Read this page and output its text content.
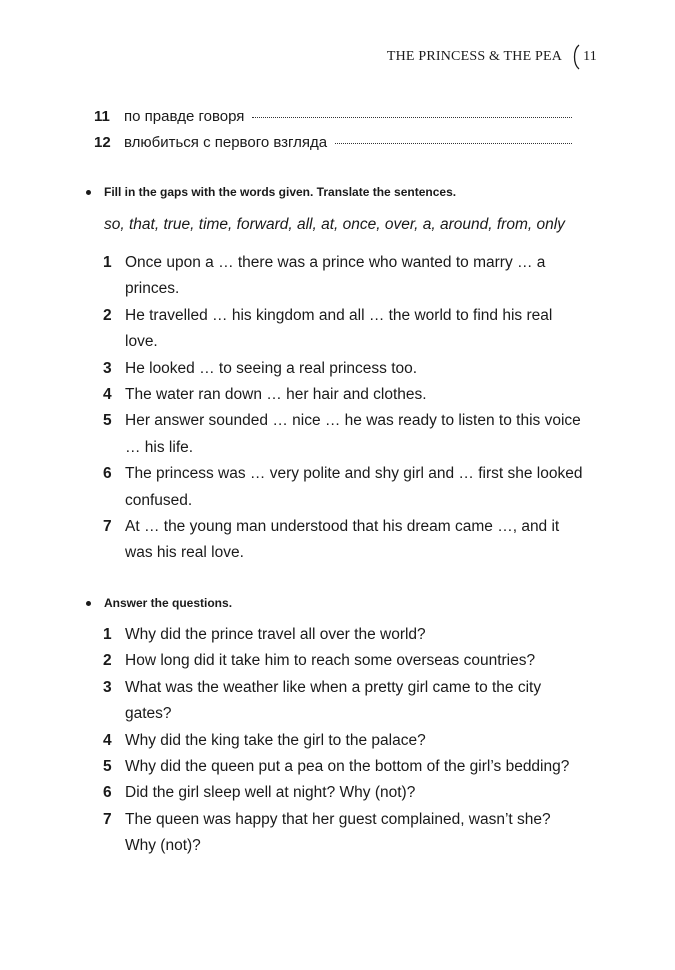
THE PRINCESS & THE PEA 11
11 по правде говоря
12 влюбиться с первого взгляда
Fill in the gaps with the words given. Translate the sentences.
so, that, true, time, forward, all, at, once, over, a, around, from, only
1 Once upon a … there was a prince who wanted to marry … a princes.
2 He travelled … his kingdom and all … the world to find his real love.
3 He looked … to seeing a real princess too.
4 The water ran down … her hair and clothes.
5 Her answer sounded … nice … he was ready to listen to this voice … his life.
6 The princess was … very polite and shy girl and … first she looked confused.
7 At … the young man understood that his dream came …, and it was his real love.
Answer the questions.
1 Why did the prince travel all over the world?
2 How long did it take him to reach some overseas countries?
3 What was the weather like when a pretty girl came to the city gates?
4 Why did the king take the girl to the palace?
5 Why did the queen put a pea on the bottom of the girl’s bedding?
6 Did the girl sleep well at night? Why (not)?
7 The queen was happy that her guest complained, wasn’t she? Why (not)?
